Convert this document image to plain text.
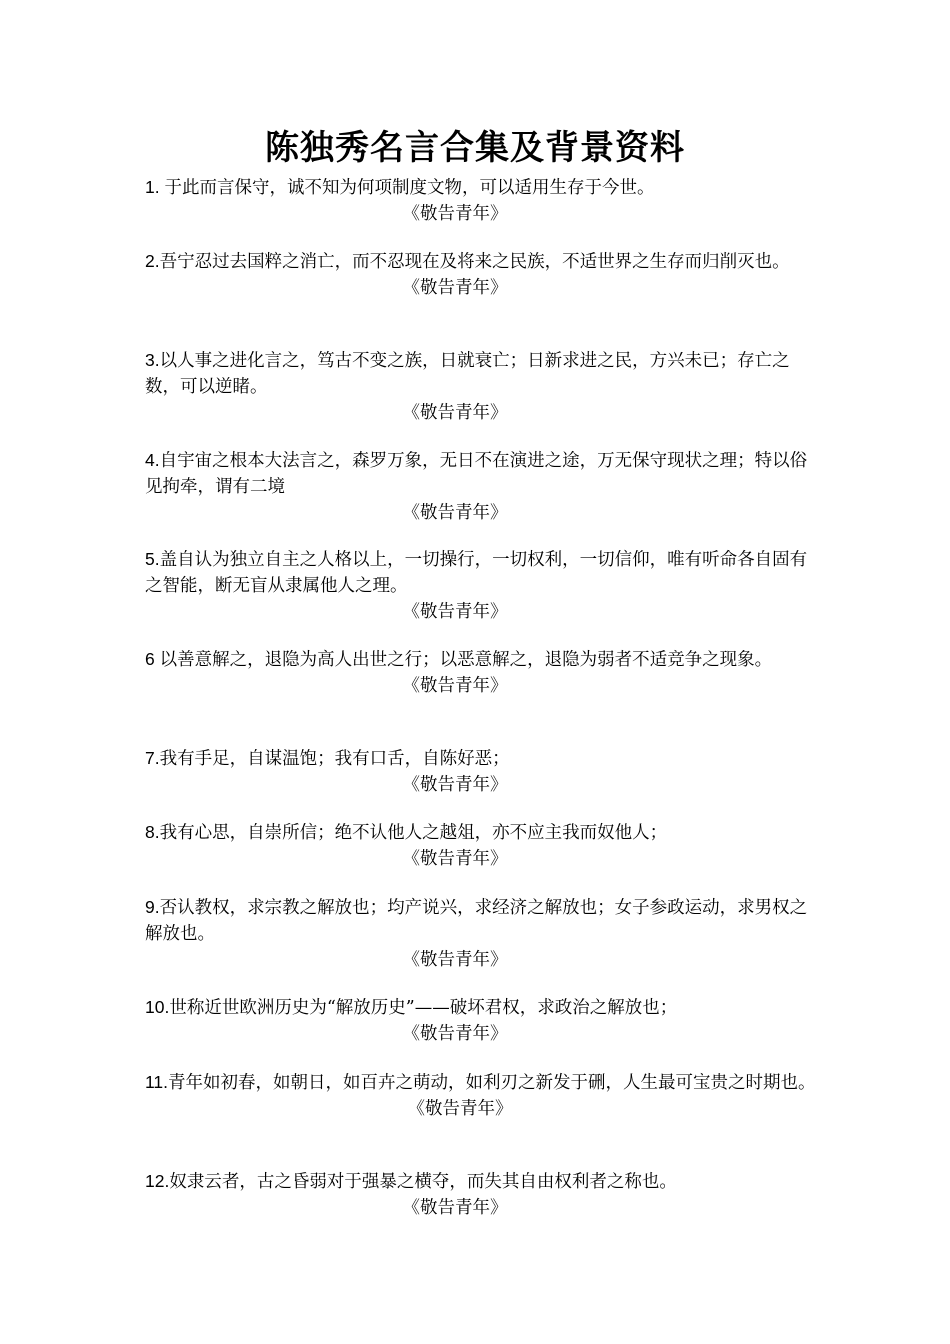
陈独秀名言合集及背景资料
1. 于此而言保守，诚不知为何项制度文物，可以适用生存于今世。
《敬告青年》
2.吾宁忍过去国粹之消亡，而不忍现在及将来之民族，不适世界之生存而归削灭也。
《敬告青年》
3.以人事之进化言之，笃古不变之族，日就衰亡；日新求进之民，方兴未已；存亡之数，可以逆睹。
《敬告青年》
4.自宇宙之根本大法言之，森罗万象，无日不在演进之途，万无保守现状之理；特以俗见拘牵，谓有二境
《敬告青年》
5.盖自认为独立自主之人格以上，一切操行，一切权利，一切信仰，唯有听命各自固有之智能，断无盲从隶属他人之理。
《敬告青年》
6 以善意解之，退隐为高人出世之行；以恶意解之，退隐为弱者不适竞争之现象。
《敬告青年》
7.我有手足，自谋温饱；我有口舌，自陈好恶；
《敬告青年》
8.我有心思，自崇所信；绝不认他人之越俎，亦不应主我而奴他人；
《敬告青年》
9.否认教权，求宗教之解放也；均产说兴，求经济之解放也；女子参政运动，求男权之解放也。
《敬告青年》
10.世称近世欧洲历史为“解放历史”——破坏君权，求政治之解放也；
《敬告青年》
11.青年如初春，如朝日，如百卉之萌动，如利刃之新发于硎，人生最可宝贵之时期也。
《敬告青年》
12.奴隶云者，古之昏弱对于强暴之横夺，而失其自由权利者之称也。
《敬告青年》
